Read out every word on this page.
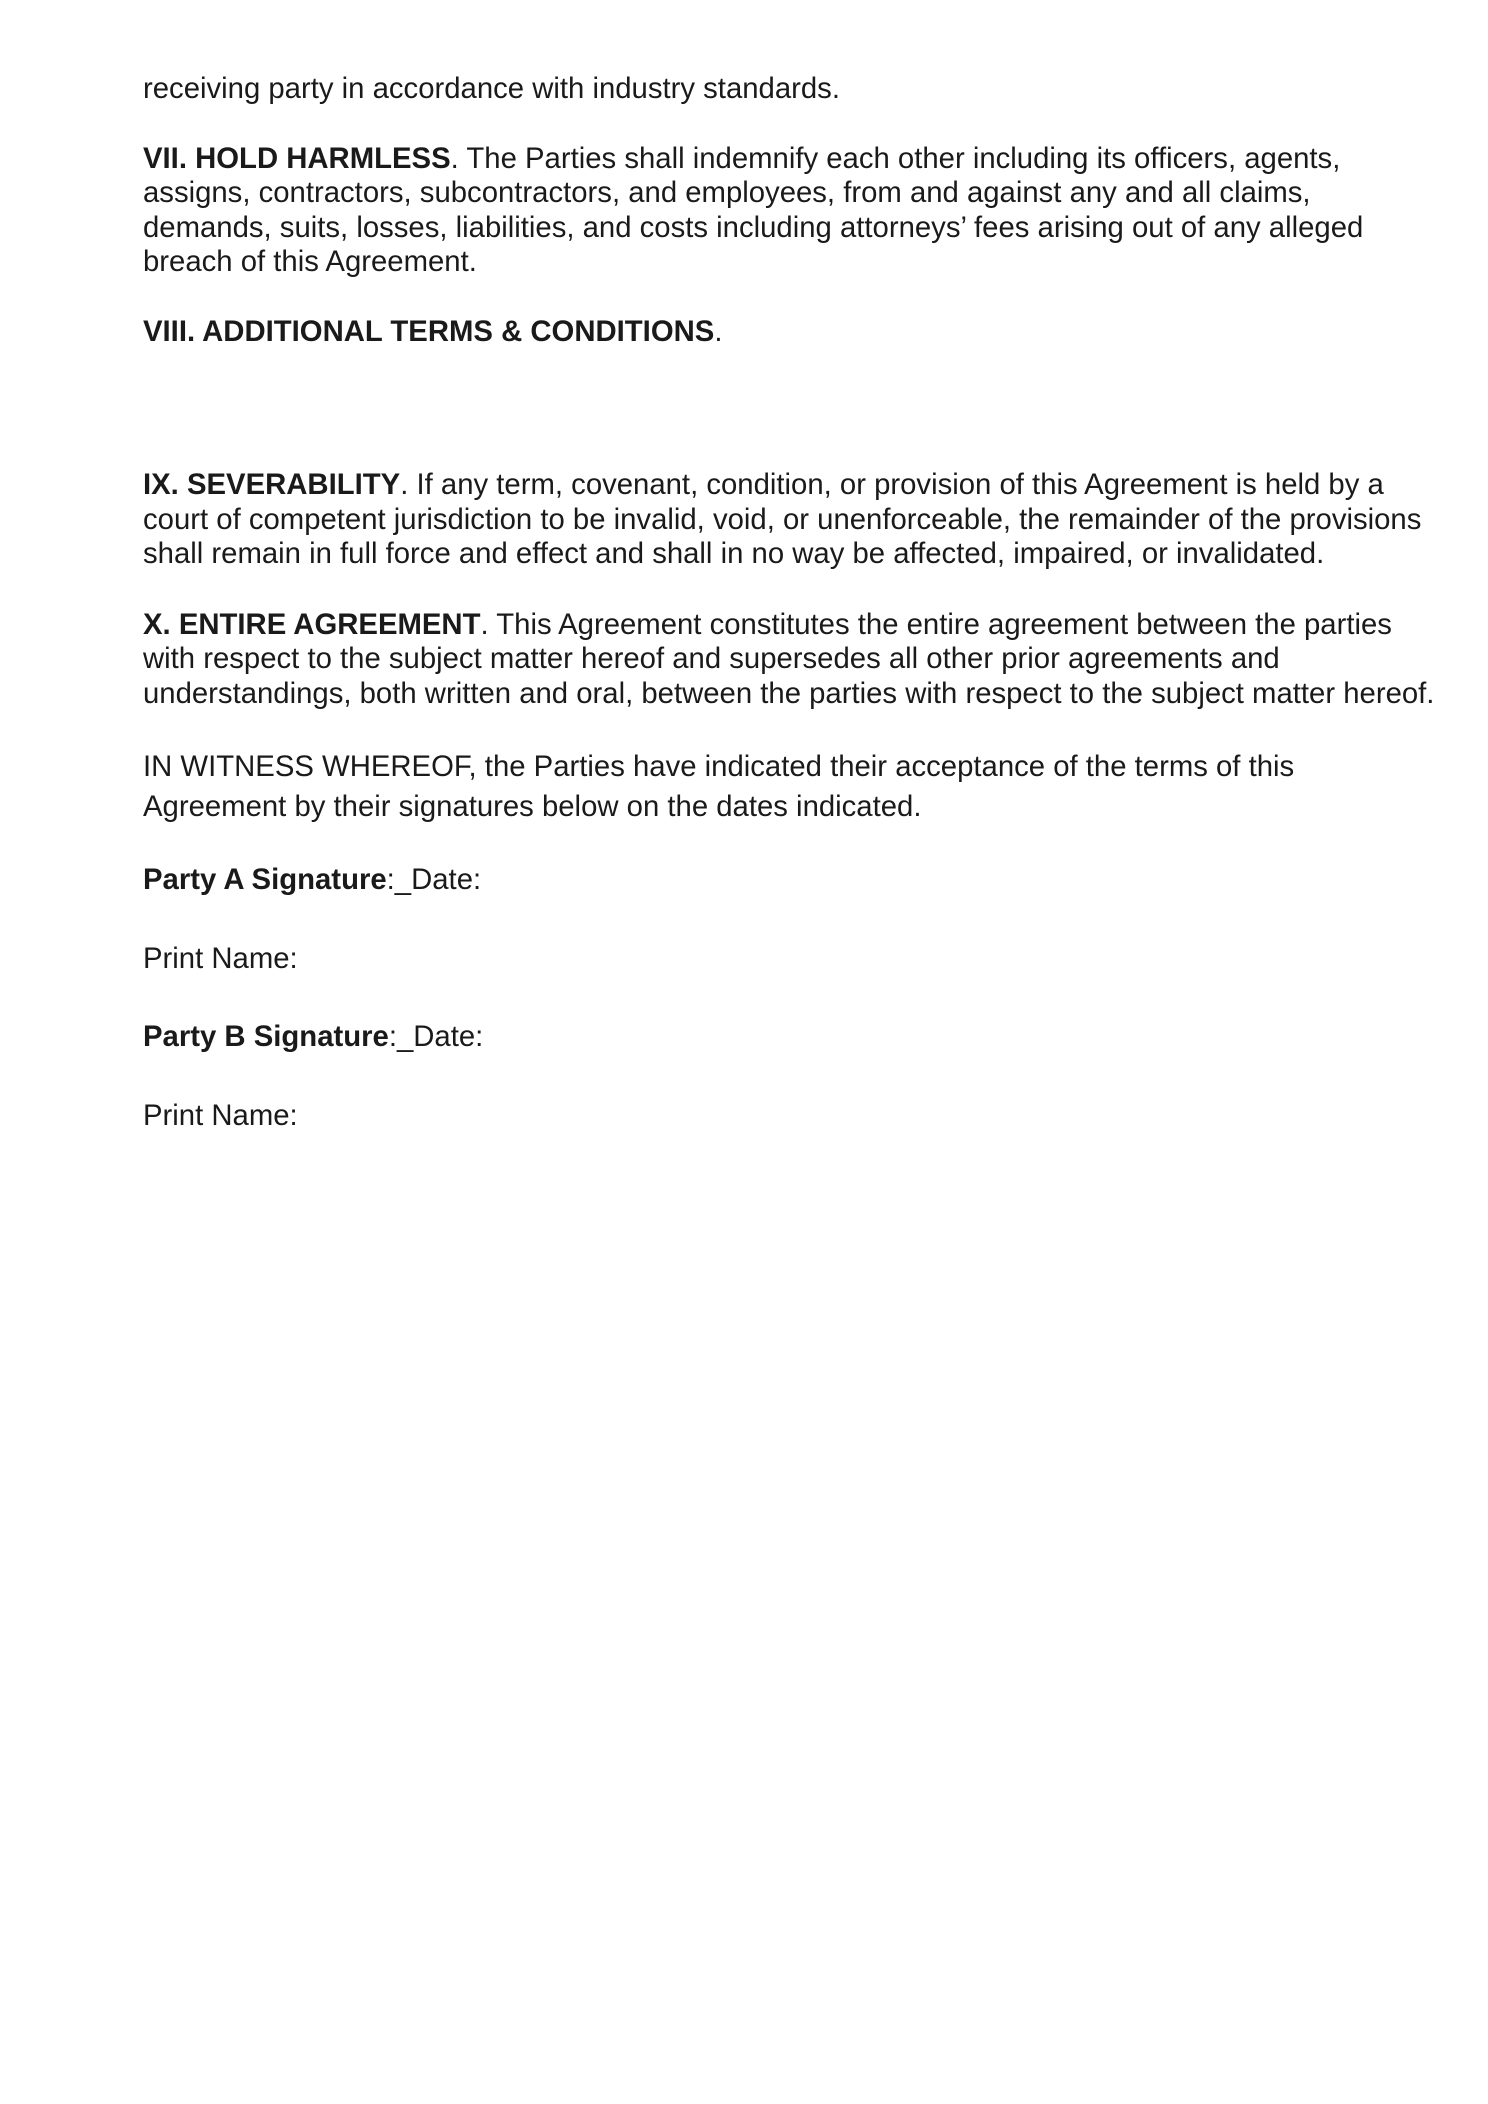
receiving party in accordance with industry standards.

VII. HOLD HARMLESS. The Parties shall indemnify each other including its officers, agents, assigns, contractors, subcontractors, and employees, from and against any and all claims, demands, suits, losses, liabilities, and costs including attorneys’ fees arising out of any alleged breach of this Agreement.

VIII. ADDITIONAL TERMS & CONDITIONS.

IX. SEVERABILITY. If any term, covenant, condition, or provision of this Agreement is held by a court of competent jurisdiction to be invalid, void, or unenforceable, the remainder of the provisions shall remain in full force and effect and shall in no way be affected, impaired, or invalidated.

X. ENTIRE AGREEMENT. This Agreement constitutes the entire agreement between the parties with respect to the subject matter hereof and supersedes all other prior agreements and understandings, both written and oral, between the parties with respect to the subject matter hereof.

IN WITNESS WHEREOF, the Parties have indicated their acceptance of the terms of this Agreement by their signatures below on the dates indicated.

Party A Signature:_Date:

Print Name:

Party B Signature:_Date:

Print Name:
